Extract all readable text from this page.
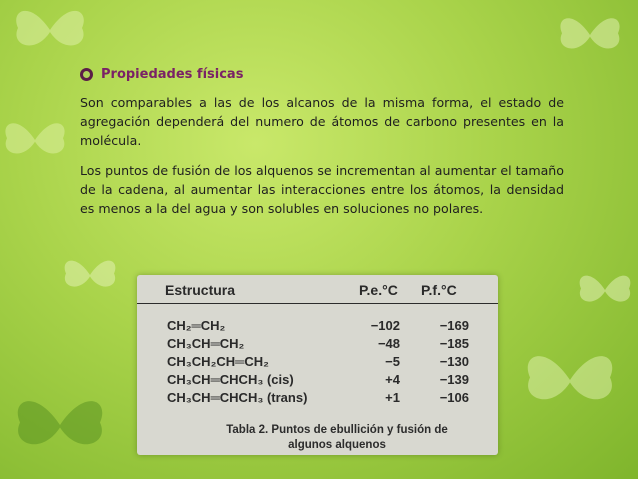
Propiedades físicas
Son comparables a las de los alcanos de la misma forma, el estado de agregación dependerá del numero de átomos de carbono presentes en la molécula.
Los puntos de fusión de los alquenos se incrementan al aumentar el tamaño de la cadena, al aumentar las interacciones entre los átomos, la densidad es menos a la del agua y son solubles en soluciones no polares.
Estructura	P.e.°C P.f.°C
CH₂═CH₂	−102	−169
CH₃CH═CH₂	−48	−185
CH₃CH₂CH═CH₂	−5	−130
CH₃CH═CHCH₃ (cis)	+4	−139
CH₃CH═CHCH₃ (trans)	+1	−106
Tabla 2. Puntos de ebullición y fusión de algunos alquenos
